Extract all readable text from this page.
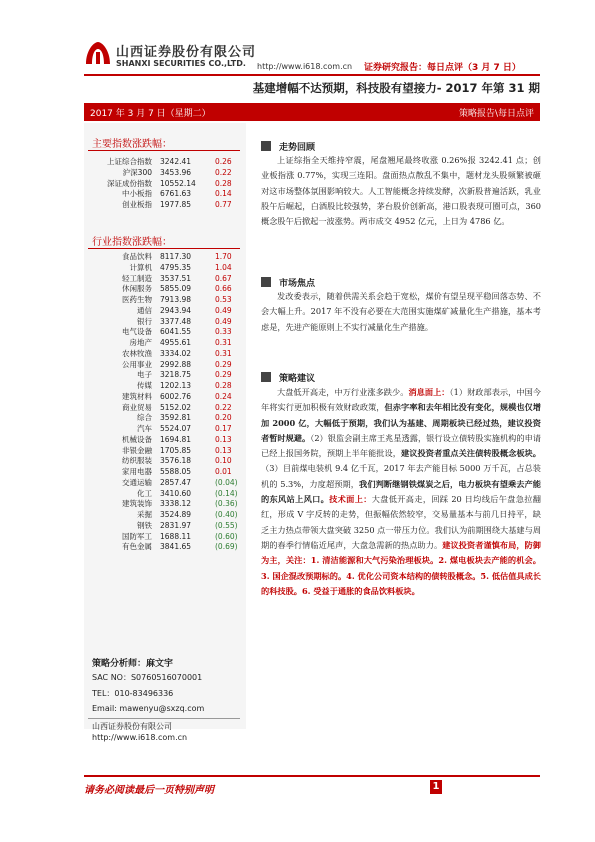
山西证券股份有限公司
SHANXI SECURITIES CO.,LTD. http://www.i618.com.cn 证券研究报告：每日点评（3 月 7 日）
基建增幅不达预期，科技股有望接力- 2017 年第 31 期
2017 年 3 月 7 日（星期二）	策略报告\每日点评
主要指数涨跌幅：
上证综合指数	3242.41	0.26
沪深300	3453.96	0.22
深证成份指数	10552.14	0.28
中小板指	6761.63	0.14
创业板指	1977.85	0.77
行业指数涨跌幅：
食品饮料	8117.30	1.70
计算机	4795.35	1.04
轻工制造	3537.51	0.67
休闲服务	5855.09	0.66
医药生物	7913.98	0.53
通信	2943.94	0.49
银行	3377.48	0.49
电气设备	6041.55	0.33
房地产	4955.61	0.31
农林牧渔	3334.02	0.31
公用事业	2992.88	0.29
电子	3218.75	0.29
传媒	1202.13	0.28
建筑材料	6002.76	0.24
商业贸易	5152.02	0.22
综合	3592.81	0.20
汽车	5524.07	0.17
机械设备	1694.81	0.13
非银金融	1705.85	0.13
纺织服装	3576.18	0.10
家用电器	5588.05	0.01
交通运输	2857.47	(0.04)
化工	3410.60	(0.14)
建筑装饰	3338.12	(0.36)
采掘	3524.89	(0.40)
钢铁	2831.97	(0.55)
国防军工	1688.11	(0.60)
有色金属	3841.65	(0.69)
策略分析师：麻文宇
SAC NO：S0760516070001
TEL：010-83496336
Email: mawenyu@sxzq.com
山西证券股份有限公司
http://www.i618.com.cn
走势回顾
上证综指全天维持窄震，尾盘翘尾最终收涨 0.26%报 3242.41 点；创业板指涨 0.77%，实现三连阳。盘面热点散乱不集中，题材龙头股频繁被砸对这市场整体氛围影响较大。人工智能概念持续发酵，次新股普遍活跃，乳业股午后崛起，白酒股比较强势，茅台股价创新高，港口股表现可圈可点，360 概念股午后掀起一波涨势。两市成交 4952 亿元，上日为 4786 亿。
市场焦点
发改委表示，随着供需关系会趋于宽松，煤价有望呈现平稳回落态势、不会大幅上升。2017 年不没有必要在大范围实施煤矿减量化生产措施，基本考虑是，先进产能原则上不实行减量化生产措施。
策略建议
大盘低开高走，中万行业涨多跌少。消息面上：（1）财政部表示，中国今年将实行更加积极有效财政政策，但赤字率和去年相比没有变化，规模也仅增加 2000 亿，大幅低于预期，我们认为基建、周期板块已经过热，建议投资者暂时规避。（2）银监会副主席王兆星透露，银行设立债转股实施机构的申请已经上报国务院，预期上半年能批设，建议投资者重点关注债转股概念板块。（3）目前煤电装机 9.4 亿千瓦，2017 年去产能目标 5000 万千瓦，占总装机的 5.3%，力度超预期，我们判断继钢铁煤炭之后，电力板块有望乘去产能的东风站上风口。技术面上：大盘低开高走，回踩 20 日均线后午盘急拉翻红，形成 V 字反转的走势，但振幅依然较窄，交易量基本与前几日持平，缺乏主力热点带领大盘突破 3250 点一带压力位。我们认为前期围绕大基建与周期的春季行情临近尾声，大盘急需新的热点助力。建议投资者谨慎布局，防御为主，关注：1. 清洁能源和大气污染治理板块。2. 煤电板块去产能的机会。3. 国企混改预期标的。4. 优化公司资本结构的债转股概念。5. 低估值具成长的科技股。6. 受益于通胀的食品饮料板块。
请务必阅读最后一页特别声明	1
